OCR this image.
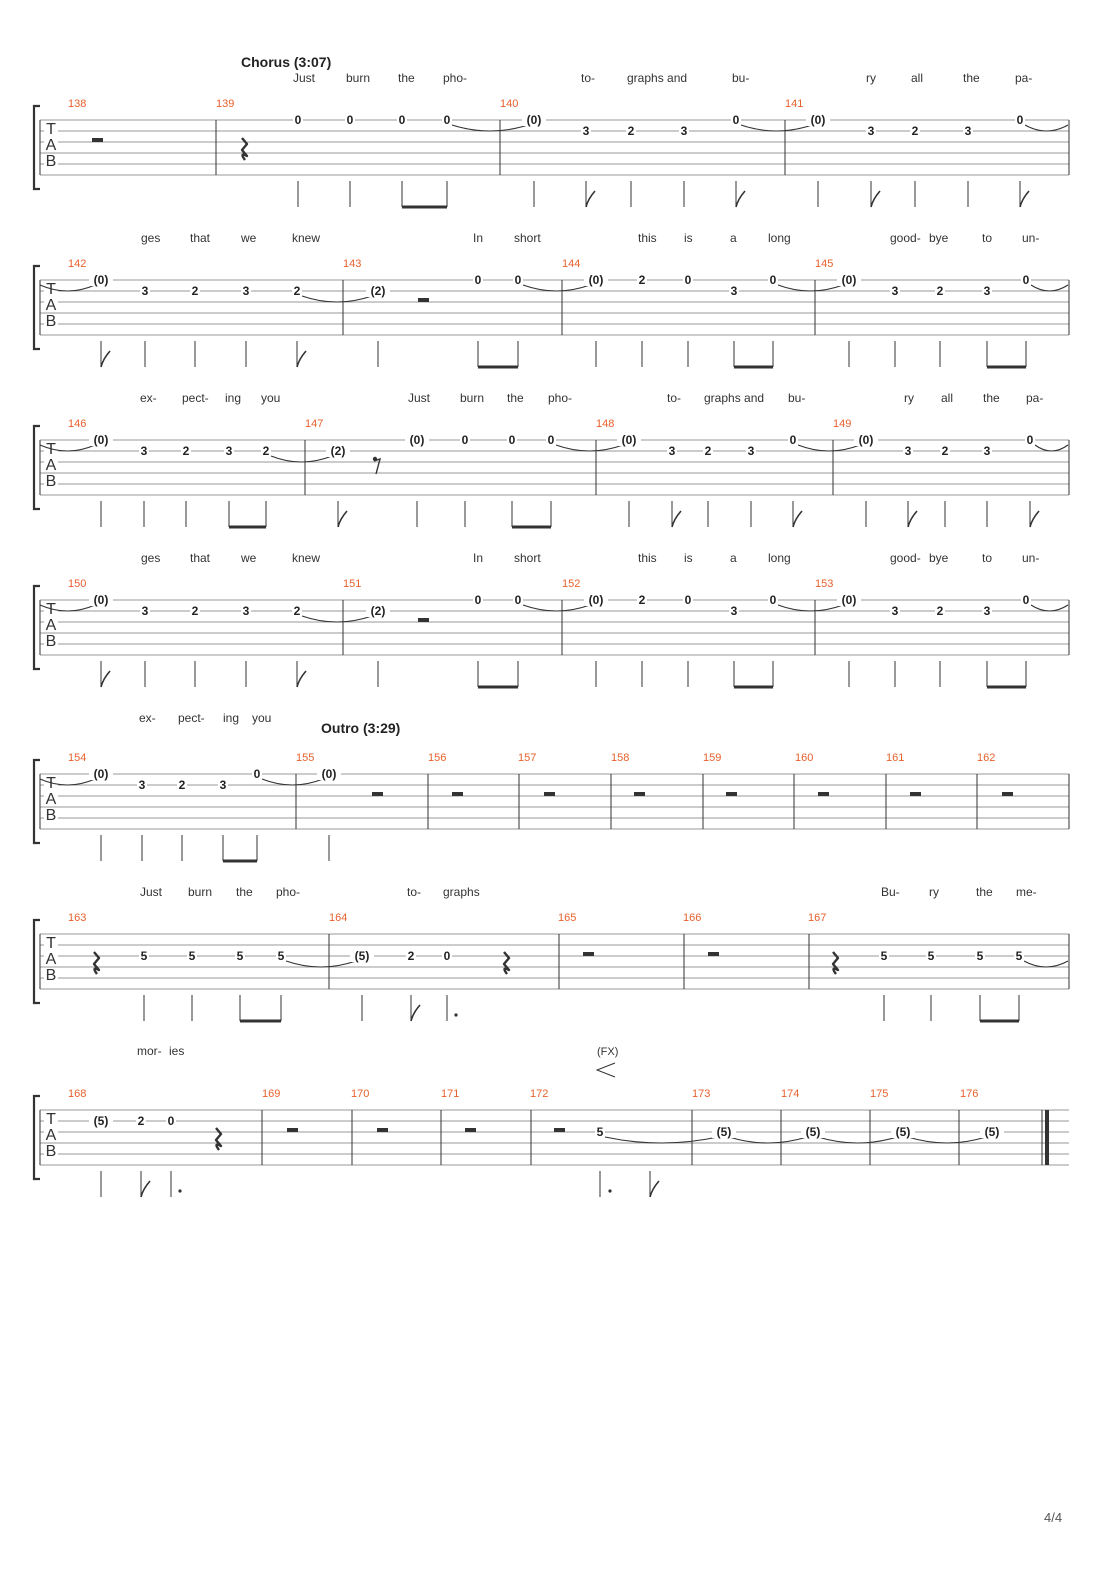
T
A
B
138	139	140	141
Chorus (3:07)
Just	burn the pho-	to-	graphs and	bu-	ry	all	the	pa-
0	0	0	0	(0)
3	2	3
0	(0)
3	2	3
0
T
A
B
142	143	144	145
ges that	we	knew	In	short	this is	a	long	good- bye	to un-
(0)
3	2	3	2	(2)
0	0	(0)	2	0
3
0	(0)
3	2	3
0
T
A
B
146	147	148	149
ex- pect- ing you	Just burn the pho-	to- graphs and bu-	ry all the pa-
(0)
3	2	3	2	(2)
(0)	0	0	0	(0)
3 2	3
0	(0)
3	2	3
0
T
A
B
150	151	152	153
ges that	we	knew	In	short	this is	a	long	good- bye	to un-
(0)
3	2	3	2	(2)
0	0	(0)	2	0
3
0	(0)
3	2	3
0
T
A
B
154	155	156	157	158	159	160	161	162
Outro (3:29)
ex- pect- ing you
(0)
3	2	3
0	(0)
T
A
B
163	164	165	166	167
Just burn the pho-	to- graphs	Bu- ry	the me-
5	5	5	5	(5)	2 0	5	5	5	5
T
A
B
168	169	170	171	172	173	174	175	176
(FX)
mor- ies
(5) 2 0
5	(5)	(5)	(5)	(5)
4/4
